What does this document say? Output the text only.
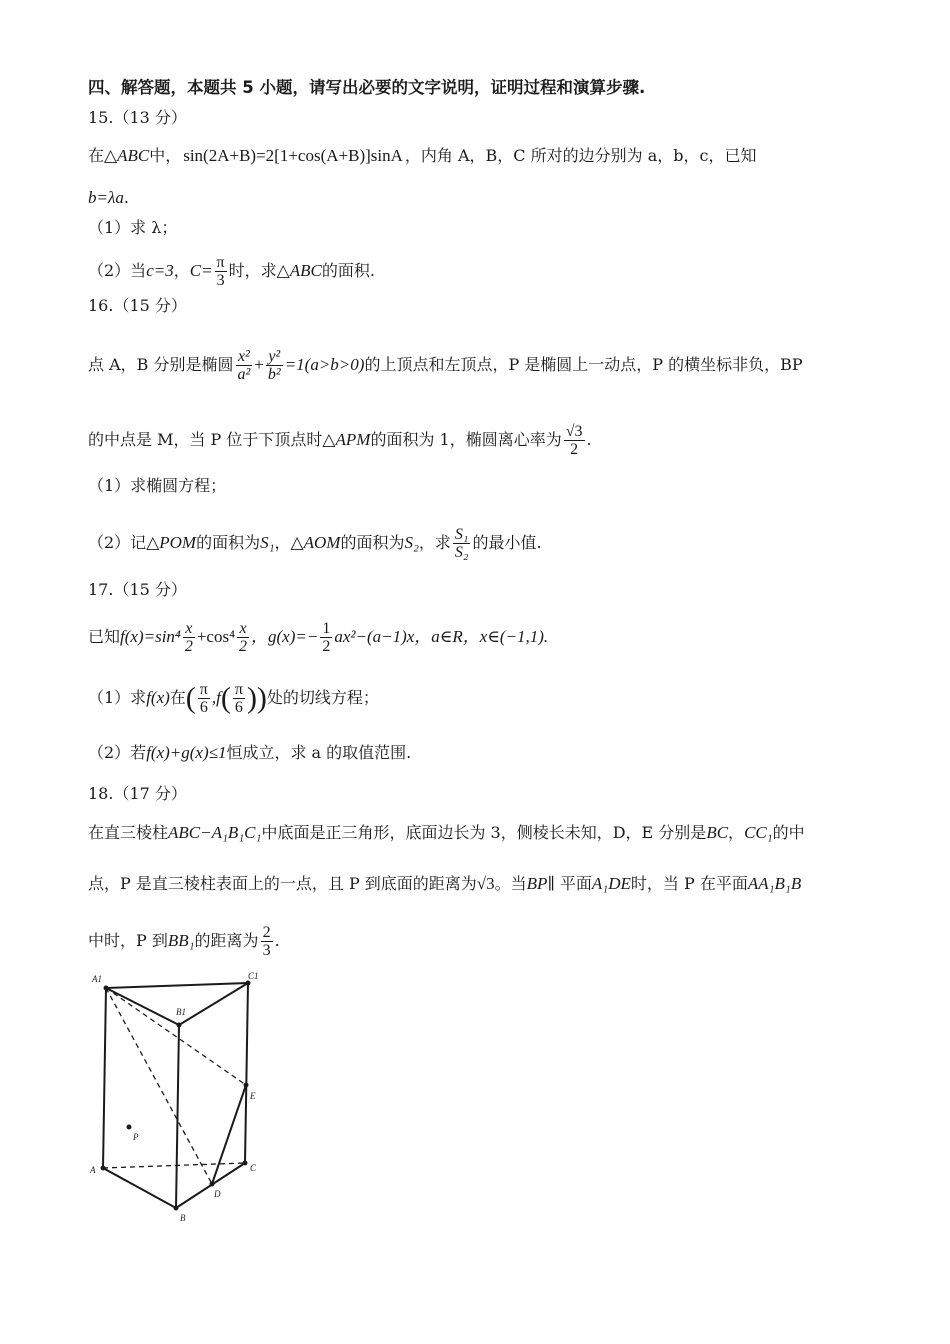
四、解答题，本题共 5 小题，请写出必要的文字说明，证明过程和演算步骤.
15.（13 分）
在△ABC中， sin(2A+B)=2[1+cos(A+B)]sinA ，内角 A，B，C 所对的边分别为 a，b，c，已知
b=λa.
（1）求 λ；
（2）当c=3，$C= \frac{\pi}{3}$ 时，求△ABC的面积.
16.（15 分）
点 A，B 分别是椭圆 $\frac{\text{x²}}{\text{a²}} + \frac{\text{y²}}{\text{b²}} =1(a>b>0)$的上顶点和左顶点，P 是椭圆上一动点，P 的横坐标非负，BP
的中点是 M，当 P 位于下顶点时△APM的面积为 1，椭圆离心率为 $\frac{√3}{2}$ .
（1）求椭圆方程；
（2）记△POM的面积为S₁，△AOM的面积为S₂，求 $\frac{\text{S₁}}{\text{S₂}}$ 的最小值.
17.（15 分）
已知$f(x)=\sin^4 \frac{x}{2} +\cos^4 \frac{x}{2}$ ，$g(x)=- \frac{1}{2} ax^2-(a-1)x$，a∈R，x∈(−1,1).
（1）求f(x)在( $\frac{\pi}{6} ,f( \frac{\pi}{6}$ ))处的切线方程；
（2）若f(x)+g(x)≤1恒成立，求 a 的取值范围.
18.（17 分）
在直三棱柱ABC−A₁B₁C₁中底面是正三角形，底面边长为 3，侧棱长未知，D，E 分别是BC，CC₁的中
点，P 是直三棱柱表面上的一点，且 P 到底面的距离为√3。当BP∥ 平面A₁DE时，当 P 在平面AA₁B₁B
中时，P 到BB₁的距离为 $\frac{2}{3}$ .
A1	C1
B1
E
P
A	C
D
B
